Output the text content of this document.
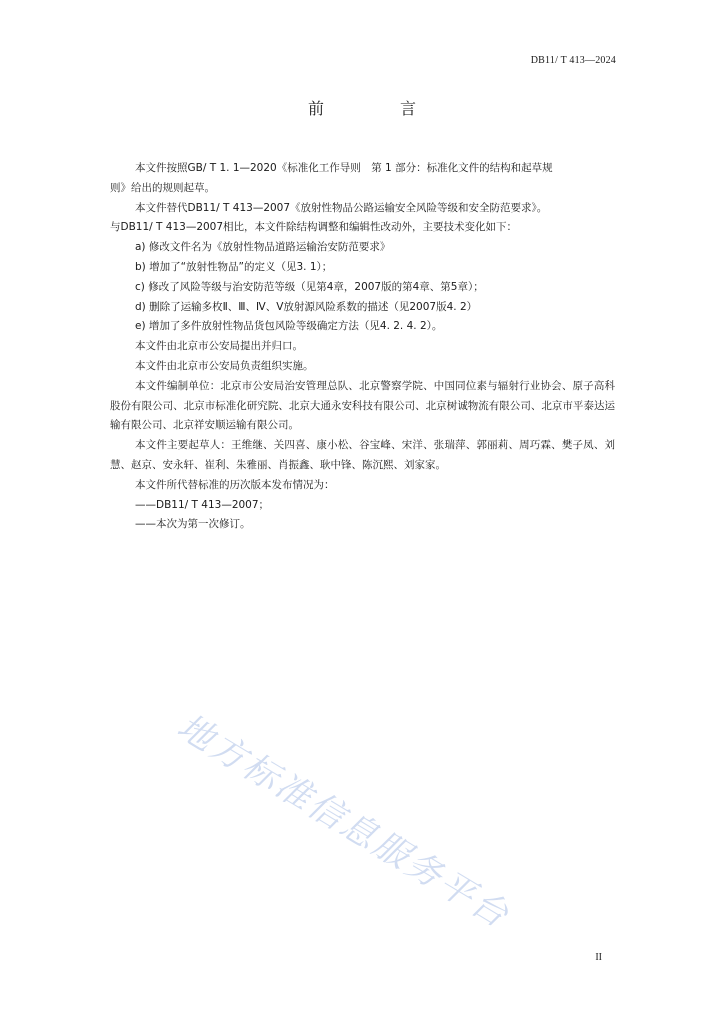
DB11/ T 413—2024
前　言

本文件按照GB/ T 1. 1—2020《标准化工作导则　第 1 部分：标准化文件的结构和起草规

则》给出的规则起草。

本文件替代DB11/ T 413—2007《放射性物品公路运输安全风险等级和安全防范要求》。

与DB11/ T 413—2007相比，本文件除结构调整和编辑性改动外，主要技术变化如下：

a) 修改文件名为《放射性物品道路运输治安防范要求》

b) 增加了“放射性物品”的定义（见3. 1）；

c) 修改了风险等级与治安防范等级（见第4章，2007版的第4章、第5章）；

d) 删除了运输多枚Ⅱ、Ⅲ、Ⅳ、Ⅴ放射源风险系数的描述（见2007版4. 2）

e) 增加了多件放射性物品货包风险等级确定方法（见4. 2. 4. 2）。

本文件由北京市公安局提出并归口。

本文件由北京市公安局负责组织实施。

本文件编制单位：北京市公安局治安管理总队、北京警察学院、中国同位素与辐射行业协会、原子高科股份有限公司、北京市标准化研究院、北京大通永安科技有限公司、北京树诚物流有限公司、北京市平泰达运输有限公司、北京祥安顺运输有限公司。

本文件主要起草人：王维继、关四喜、康小松、谷宝峰、宋洋、张瑞萍、郭丽莉、周巧霖、樊子凤、刘慧、赵京、安永轩、崔利、朱雅丽、肖振鑫、耿中锋、陈沉熙、刘家家。

本文件所代替标准的历次版本发布情况为：

——DB11/ T 413—2007；

——本次为第一次修订。

地方标准信息服务平台
II
